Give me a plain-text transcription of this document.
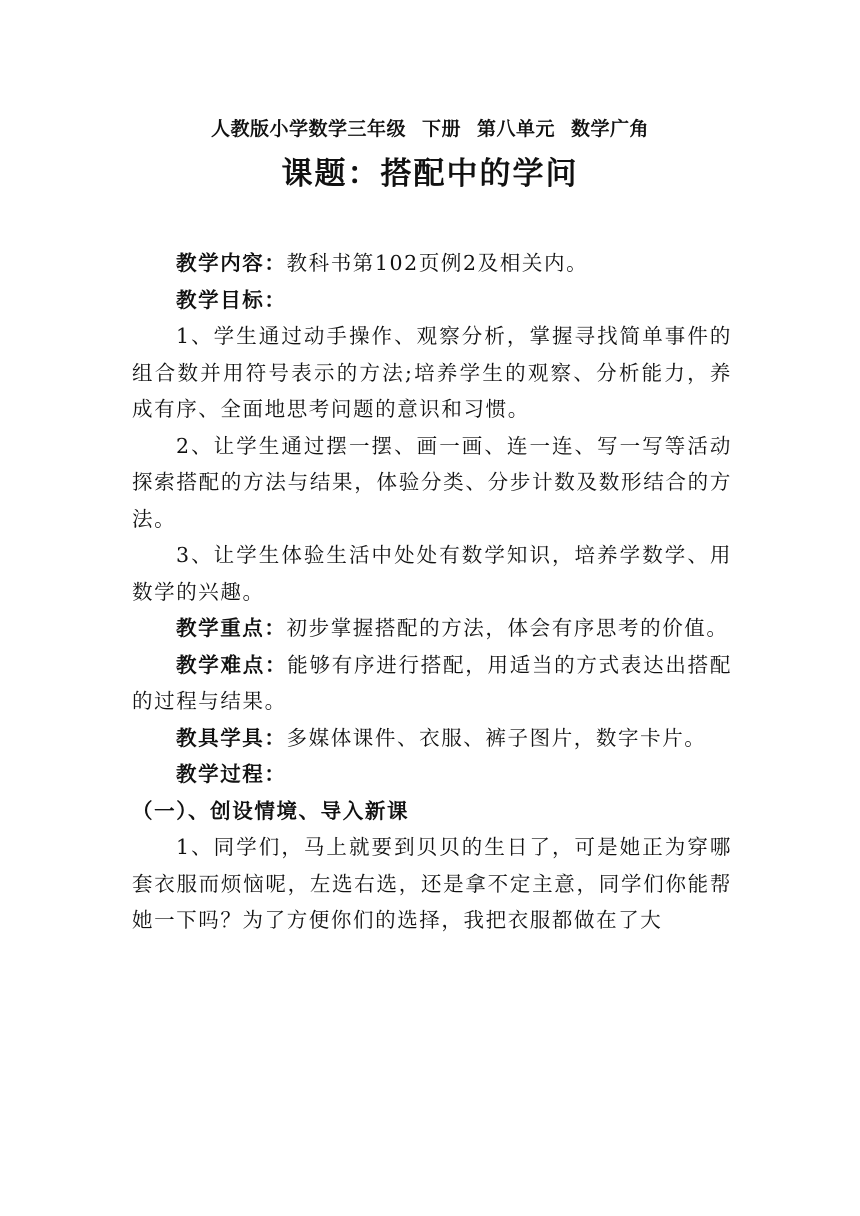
人教版小学数学三年级 下册 第八单元 数学广角
课题：搭配中的学问

教学内容：教科书第102页例2及相关内。

教学目标：

1、学生通过动手操作、观察分析，掌握寻找简单事件的组合数并用符号表示的方法;培养学生的观察、分析能力，养成有序、全面地思考问题的意识和习惯。

2、让学生通过摆一摆、画一画、连一连、写一写等活动探索搭配的方法与结果，体验分类、分步计数及数形结合的方法。

3、让学生体验生活中处处有数学知识，培养学数学、用数学的兴趣。

教学重点：初步掌握搭配的方法，体会有序思考的价值。

教学难点：能够有序进行搭配，用适当的方式表达出搭配的过程与结果。

教具学具：多媒体课件、衣服、裤子图片，数字卡片。

教学过程：

（一）、创设情境、导入新课

1、同学们，马上就要到贝贝的生日了，可是她正为穿哪套衣服而烦恼呢，左选右选，还是拿不定主意，同学们你能帮她一下吗？为了方便你们的选择，我把衣服都做在了大
